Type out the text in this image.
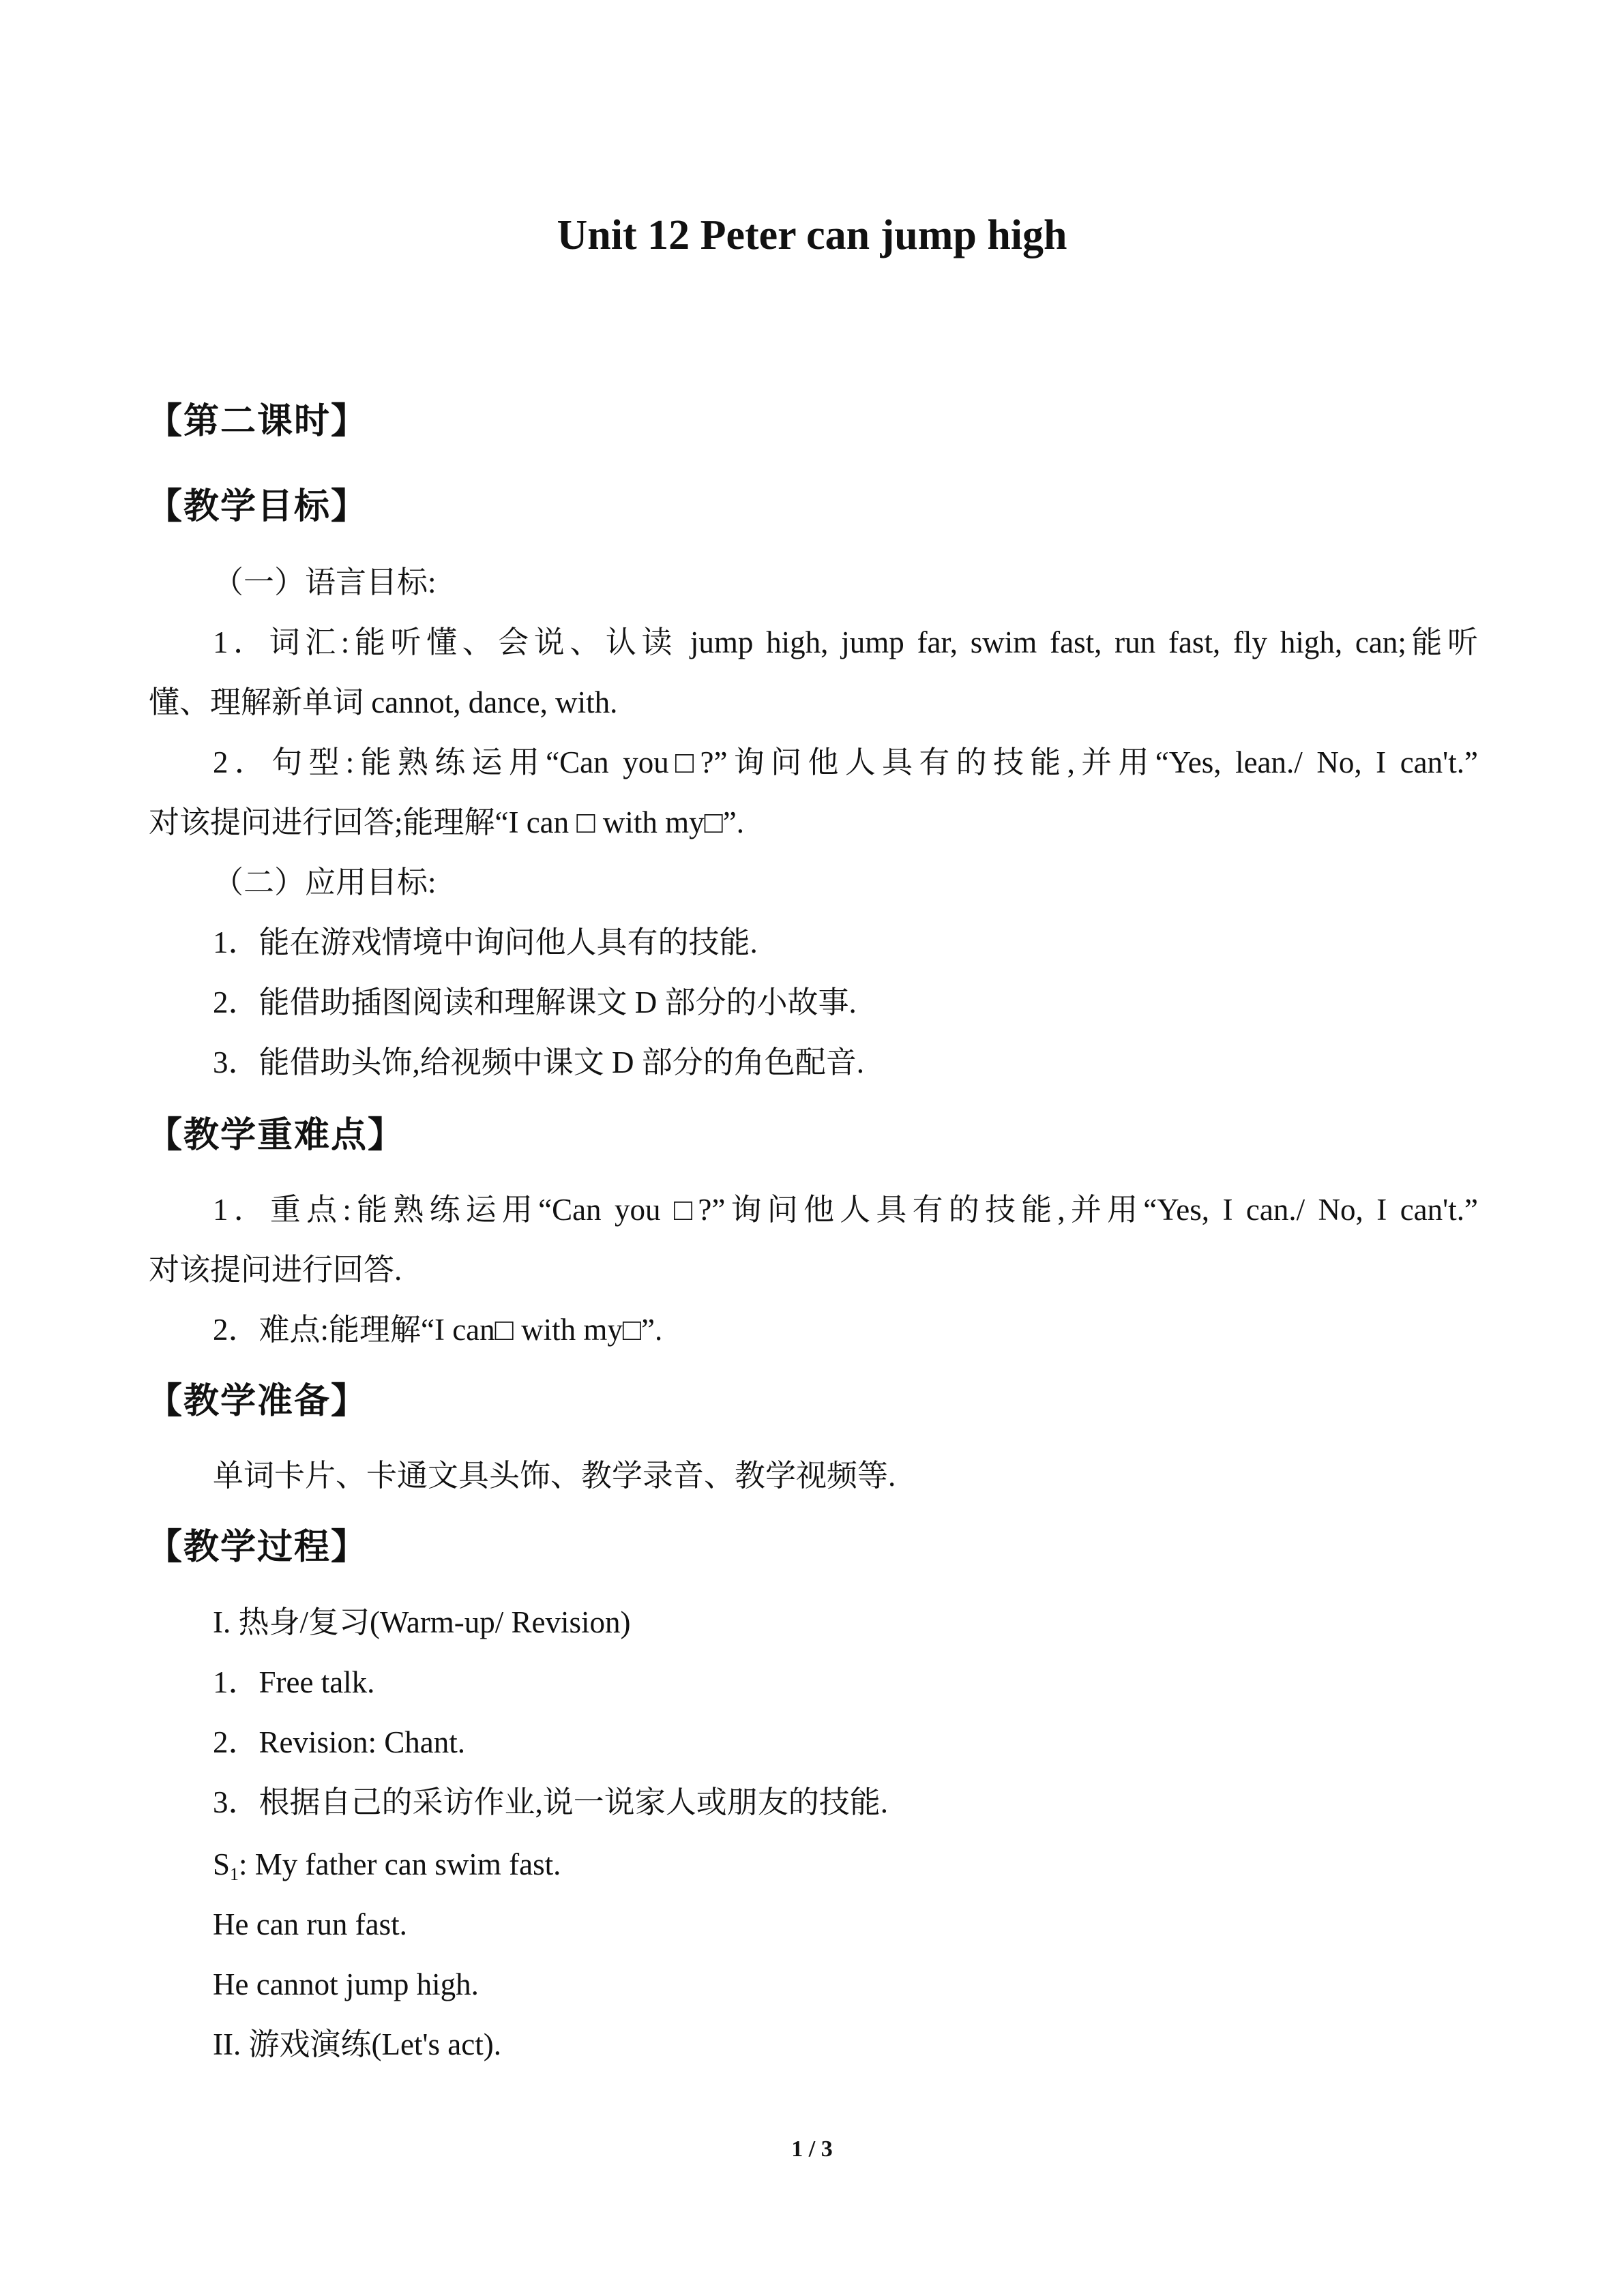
Unit 12 Peter can jump high
【第二课时】
【教学目标】
（一）语言目标:
1．词汇:能听懂、会说、认读 jump high, jump far, swim fast, run fast, fly high, can;能听
懂、理解新单词 cannot, dance, with.
2．句型:能熟练运用“Can you□?”询问他人具有的技能,并用“Yes, lean./ No, I can't.”
对该提问进行回答;能理解“I can □ with my□”.
（二）应用目标:
1．能在游戏情境中询问他人具有的技能.
2．能借助插图阅读和理解课文 D 部分的小故事.
3．能借助头饰,给视频中课文 D 部分的角色配音.
【教学重难点】
1．重点:能熟练运用“Can you □?”询问他人具有的技能,并用“Yes, I can./ No, I can't.”
对该提问进行回答.
2．难点:能理解“I can□ with my□”.
【教学准备】
单词卡片、卡通文具头饰、教学录音、教学视频等.
【教学过程】
I. 热身/复习(Warm-up/ Revision)
1．Free talk.
2．Revision: Chant.
3．根据自己的采访作业,说一说家人或朋友的技能.
$S_1$: My father can swim fast.
He can run fast.
He cannot jump high.
II. 游戏演练(Let's act).
1 / 3
